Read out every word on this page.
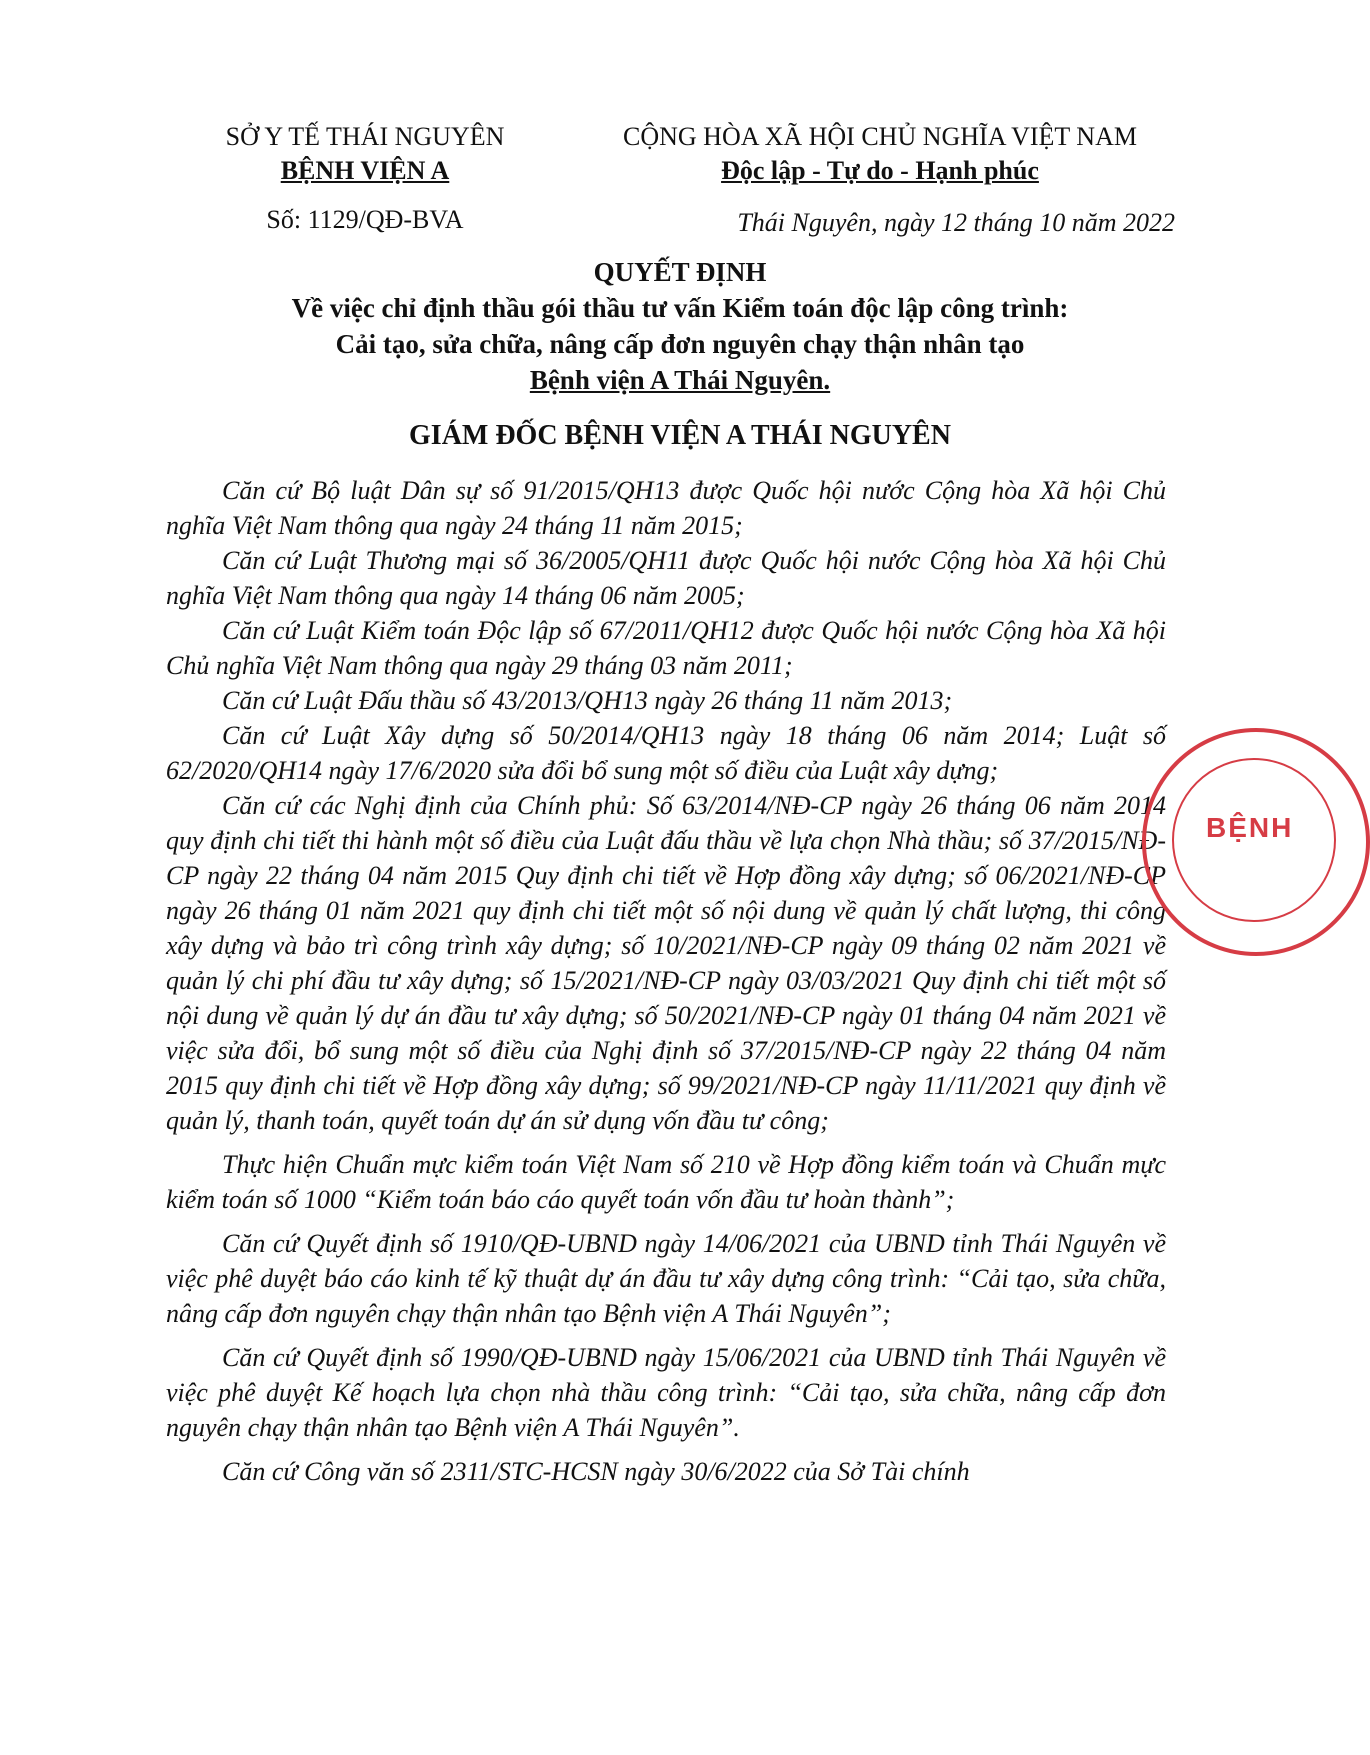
SỞ Y TẾ THÁI NGUYÊN
BỆNH VIỆN A
CỘNG HÒA XÃ HỘI CHỦ NGHĨA VIỆT NAM
Độc lập - Tự do - Hạnh phúc
Số: 1129/QĐ-BVA	Thái Nguyên, ngày 12 tháng 10 năm 2022
QUYẾT ĐỊNH
Về việc chỉ định thầu gói thầu tư vấn Kiểm toán độc lập công trình:
Cải tạo, sửa chữa, nâng cấp đơn nguyên chạy thận nhân tạo
Bệnh viện A Thái Nguyên.
GIÁM ĐỐC BỆNH VIỆN A THÁI NGUYÊN

Căn cứ Bộ luật Dân sự số 91/2015/QH13 được Quốc hội nước Cộng hòa Xã hội Chủ nghĩa Việt Nam thông qua ngày 24 tháng 11 năm 2015;

Căn cứ Luật Thương mại số 36/2005/QH11 được Quốc hội nước Cộng hòa Xã hội Chủ nghĩa Việt Nam thông qua ngày 14 tháng 06 năm 2005;

Căn cứ Luật Kiểm toán Độc lập số 67/2011/QH12 được Quốc hội nước Cộng hòa Xã hội Chủ nghĩa Việt Nam thông qua ngày 29 tháng 03 năm 2011;

Căn cứ Luật Đấu thầu số 43/2013/QH13 ngày 26 tháng 11 năm 2013;

Căn cứ Luật Xây dựng số 50/2014/QH13 ngày 18 tháng 06 năm 2014; Luật số 62/2020/QH14 ngày 17/6/2020 sửa đổi bổ sung một số điều của Luật xây dựng;

Căn cứ các Nghị định của Chính phủ: Số 63/2014/NĐ-CP ngày 26 tháng 06 năm 2014 quy định chi tiết thi hành một số điều của Luật đấu thầu về lựa chọn Nhà thầu; số 37/2015/NĐ-CP ngày 22 tháng 04 năm 2015 Quy định chi tiết về Hợp đồng xây dựng; số 06/2021/NĐ-CP ngày 26 tháng 01 năm 2021 quy định chi tiết một số nội dung về quản lý chất lượng, thi công xây dựng và bảo trì công trình xây dựng; số 10/2021/NĐ-CP ngày 09 tháng 02 năm 2021 về quản lý chi phí đầu tư xây dựng; số 15/2021/NĐ-CP ngày 03/03/2021 Quy định chi tiết một số nội dung về quản lý dự án đầu tư xây dựng; số 50/2021/NĐ-CP ngày 01 tháng 04 năm 2021 về việc sửa đổi, bổ sung một số điều của Nghị định số 37/2015/NĐ-CP ngày 22 tháng 04 năm 2015 quy định chi tiết về Hợp đồng xây dựng; số 99/2021/NĐ-CP ngày 11/11/2021 quy định về quản lý, thanh toán, quyết toán dự án sử dụng vốn đầu tư công;

Thực hiện Chuẩn mực kiểm toán Việt Nam số 210 về Hợp đồng kiểm toán và Chuẩn mực kiểm toán số 1000 “Kiểm toán báo cáo quyết toán vốn đầu tư hoàn thành”;

Căn cứ Quyết định số 1910/QĐ-UBND ngày 14/06/2021 của UBND tỉnh Thái Nguyên về việc phê duyệt báo cáo kinh tế kỹ thuật dự án đầu tư xây dựng công trình: “Cải tạo, sửa chữa, nâng cấp đơn nguyên chạy thận nhân tạo Bệnh viện A Thái Nguyên”;

Căn cứ Quyết định số 1990/QĐ-UBND ngày 15/06/2021 của UBND tỉnh Thái Nguyên về việc phê duyệt Kế hoạch lựa chọn nhà thầu công trình: “Cải tạo, sửa chữa, nâng cấp đơn nguyên chạy thận nhân tạo Bệnh viện A Thái Nguyên”.

Căn cứ Công văn số 2311/STC-HCSN ngày 30/6/2022 của Sở Tài chính

BỆNH
